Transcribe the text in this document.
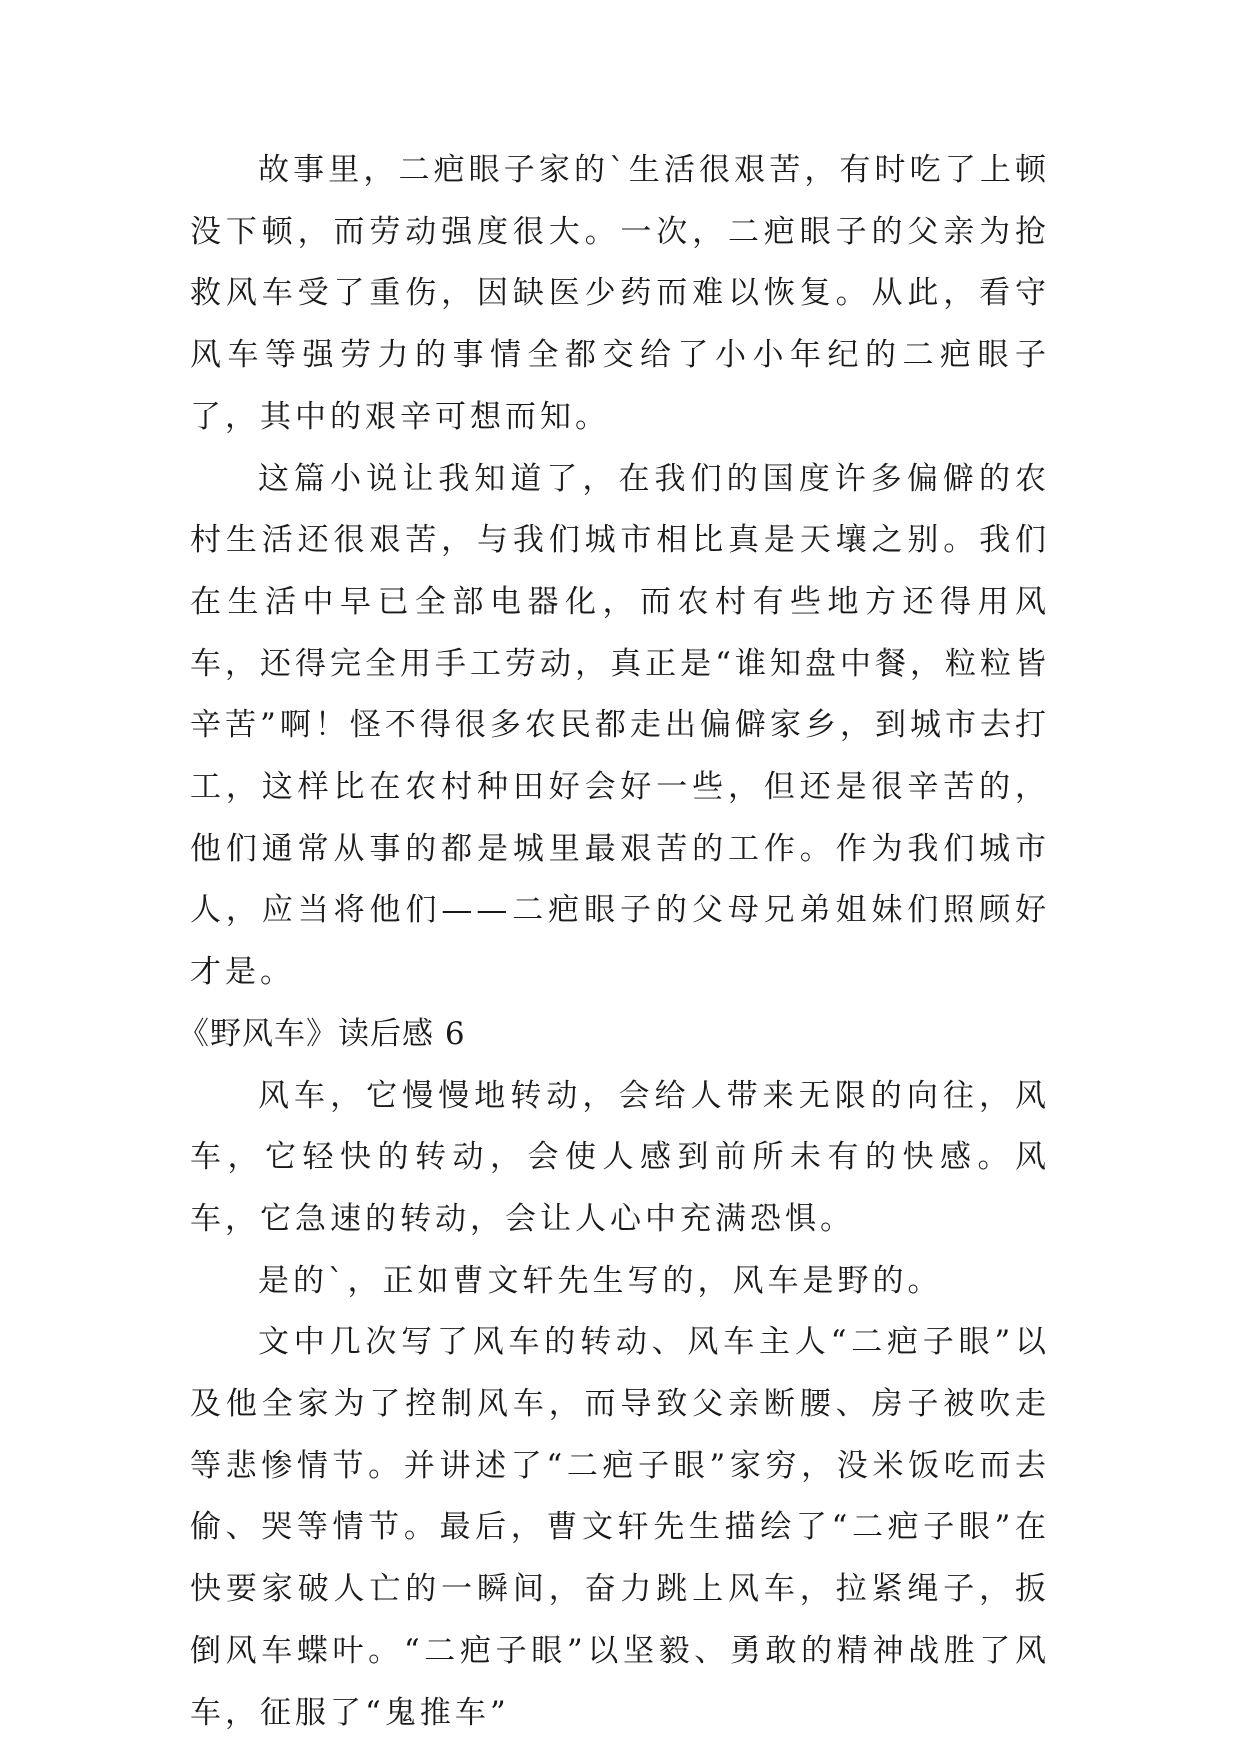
故事里，二疤眼子家的`生活很艰苦，有时吃了上顿没下顿，而劳动强度很大。一次，二疤眼子的父亲为抢救风车受了重伤，因缺医少药而难以恢复。从此，看守风车等强劳力的事情全都交给了小小年纪的二疤眼子了，其中的艰辛可想而知。

这篇小说让我知道了，在我们的国度许多偏僻的农村生活还很艰苦，与我们城市相比真是天壤之别。我们在生活中早已全部电器化，而农村有些地方还得用风车，还得完全用手工劳动，真正是“谁知盘中餐，粒粒皆辛苦”啊！怪不得很多农民都走出偏僻家乡，到城市去打工，这样比在农村种田好会好一些，但还是很辛苦的，他们通常从事的都是城里最艰苦的工作。作为我们城市人，应当将他们——二疤眼子的父母兄弟姐妹们照顾好才是。

《野风车》读后感 6

风车，它慢慢地转动，会给人带来无限的向往，风车，它轻快的转动，会使人感到前所未有的快感。风车，它急速的转动，会让人心中充满恐惧。

是的`，正如曹文轩先生写的，风车是野的。

文中几次写了风车的转动、风车主人“二疤子眼”以及他全家为了控制风车，而导致父亲断腰、房子被吹走等悲惨情节。并讲述了“二疤子眼”家穷，没米饭吃而去偷、哭等情节。最后，曹文轩先生描绘了“二疤子眼”在快要家破人亡的一瞬间，奋力跳上风车，拉紧绳子，扳倒风车蝶叶。“二疤子眼”以坚毅、勇敢的精神战胜了风车，征服了“鬼推车”
